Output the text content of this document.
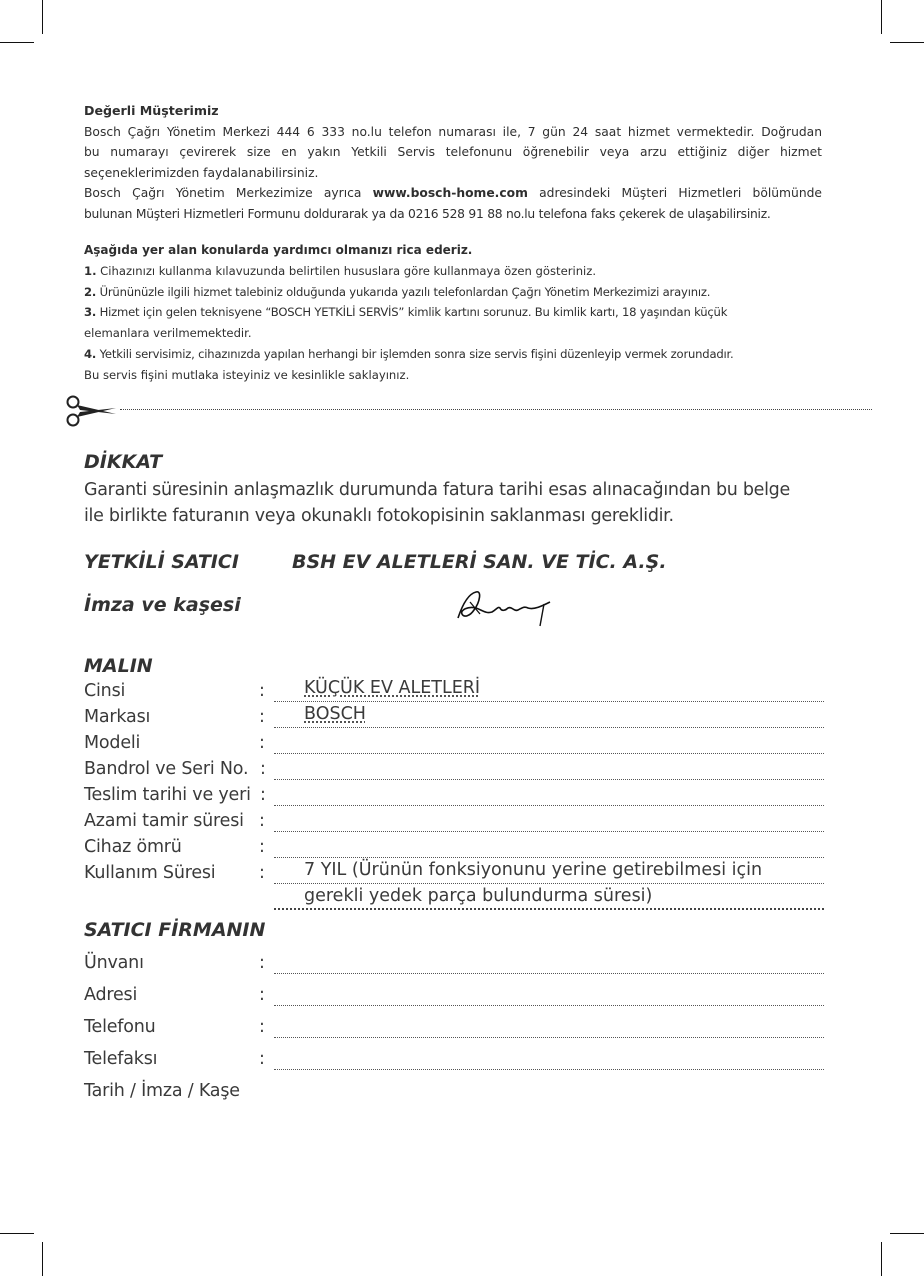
Değerli Müşterimiz
Bosch Çağrı Yönetim Merkezi 444 6 333 no.lu telefon numarası ile, 7 gün 24 saat hizmet vermektedir. Doğrudan
bu numarayı çevirerek size en yakın Yetkili Servis telefonunu öğrenebilir veya arzu ettiğiniz diğer hizmet
seçeneklerimizden faydalanabilirsiniz.
Bosch Çağrı Yönetim Merkezimize ayrıca www.bosch-home.com adresindeki Müşteri Hizmetleri bölümünde
bulunan Müşteri Hizmetleri Formunu doldurarak ya da 0216 528 91 88 no.lu telefona faks çekerek de ulaşabilirsiniz.
Aşağıda yer alan konularda yardımcı olmanızı rica ederiz.
1. Cihazınızı kullanma kılavuzunda belirtilen hususlara göre kullanmaya özen gösteriniz.
2. Ürününüzle ilgili hizmet talebiniz olduğunda yukarıda yazılı telefonlardan Çağrı Yönetim Merkezimizi arayınız.
3. Hizmet için gelen teknisyene “BOSCH YETKİLİ SERVİS” kimlik kartını sorunuz. Bu kimlik kartı, 18 yaşından küçük
elemanlara verilmemektedir.
4. Yetkili servisimiz, cihazınızda yapılan herhangi bir işlemden sonra size servis fişini düzenleyip vermek zorundadır.
Bu servis fişini mutlaka isteyiniz ve kesinlikle saklayınız.
DİKKAT
Garanti süresinin anlaşmazlık durumunda fatura tarihi esas alınacağından bu belge
ile birlikte faturanın veya okunaklı fotokopisinin saklanması gereklidir.
YETKİLİ SATICI	BSH EV ALETLERİ SAN. VE TİC. A.Ş.
İmza ve kaşesi
MALIN
Cinsi	: KÜÇÜK EV ALETLERİ
Markası	: BOSCH
Modeli	:
Bandrol ve Seri No. :
Teslim tarihi ve yeri :
Azami tamir süresi :
Cihaz ömrü	:
Kullanım Süresi : 7 YIL (Ürünün fonksiyonunu yerine getirebilmesi için
gerekli yedek parça bulundurma süresi)
SATICI FİRMANIN
Ünvanı	:
Adresi	:
Telefonu	:
Telefaksı	:
Tarih / İmza / Kaşe
